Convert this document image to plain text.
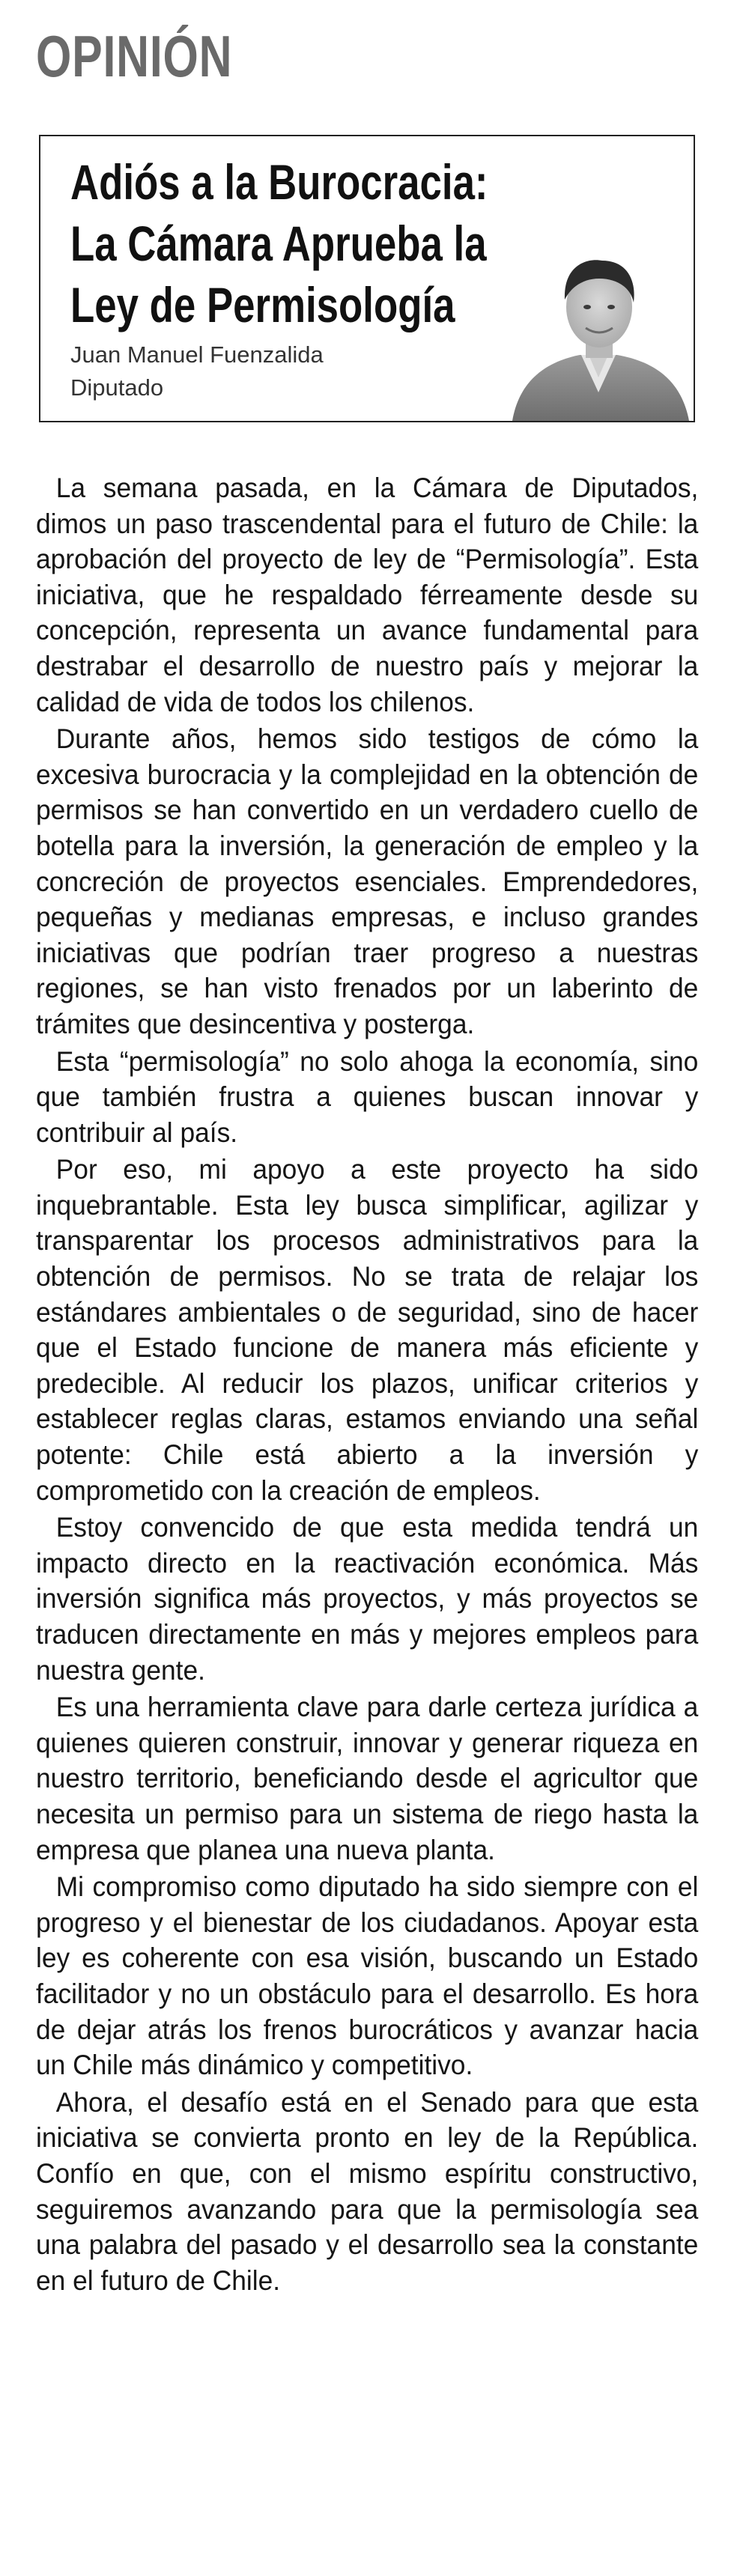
OPINIÓN
Adiós a la Burocracia:
La Cámara Aprueba la
Ley de Permisología
Juan Manuel Fuenzalida
Diputado

La semana pasada, en la Cámara de Diputados, dimos un paso trascendental para el futuro de Chile: la aprobación del proyecto de ley de “Permisología”. Esta iniciativa, que he respaldado férreamente desde su concepción, representa un avance fundamental para destrabar el desarrollo de nuestro país y mejorar la calidad de vida de todos los chilenos.

Durante años, hemos sido testigos de cómo la excesiva burocracia y la complejidad en la obtención de permisos se han convertido en un verdadero cuello de botella para la inversión, la generación de empleo y la concreción de proyectos esenciales. Emprendedores, pequeñas y medianas empresas, e incluso grandes iniciativas que podrían traer progreso a nuestras regiones, se han visto frenados por un laberinto de trámites que desincentiva y posterga.

Esta “permisología” no solo ahoga la economía, sino que también frustra a quienes buscan innovar y contribuir al país.

Por eso, mi apoyo a este proyecto ha sido inquebrantable. Esta ley busca simplificar, agilizar y transparentar los procesos administrativos para la obtención de permisos. No se trata de relajar los estándares ambientales o de seguridad, sino de hacer que el Estado funcione de manera más eficiente y predecible. Al reducir los plazos, unificar criterios y establecer reglas claras, estamos enviando una señal potente: Chile está abierto a la inversión y comprometido con la creación de empleos.

Estoy convencido de que esta medida tendrá un impacto directo en la reactivación económica. Más inversión significa más proyectos, y más proyectos se traducen directamente en más y mejores empleos para nuestra gente.

Es una herramienta clave para darle certeza jurídica a quienes quieren construir, innovar y generar riqueza en nuestro territorio, beneficiando desde el agricultor que necesita un permiso para un sistema de riego hasta la empresa que planea una nueva planta.

Mi compromiso como diputado ha sido siempre con el progreso y el bienestar de los ciudadanos. Apoyar esta ley es coherente con esa visión, buscando un Estado facilitador y no un obstáculo para el desarrollo. Es hora de dejar atrás los frenos burocráticos y avanzar hacia un Chile más dinámico y competitivo.

Ahora, el desafío está en el Senado para que esta iniciativa se convierta pronto en ley de la República. Confío en que, con el mismo espíritu constructivo, seguiremos avanzando para que la permisología sea una palabra del pasado y el desarrollo sea la constante en el futuro de Chile.
